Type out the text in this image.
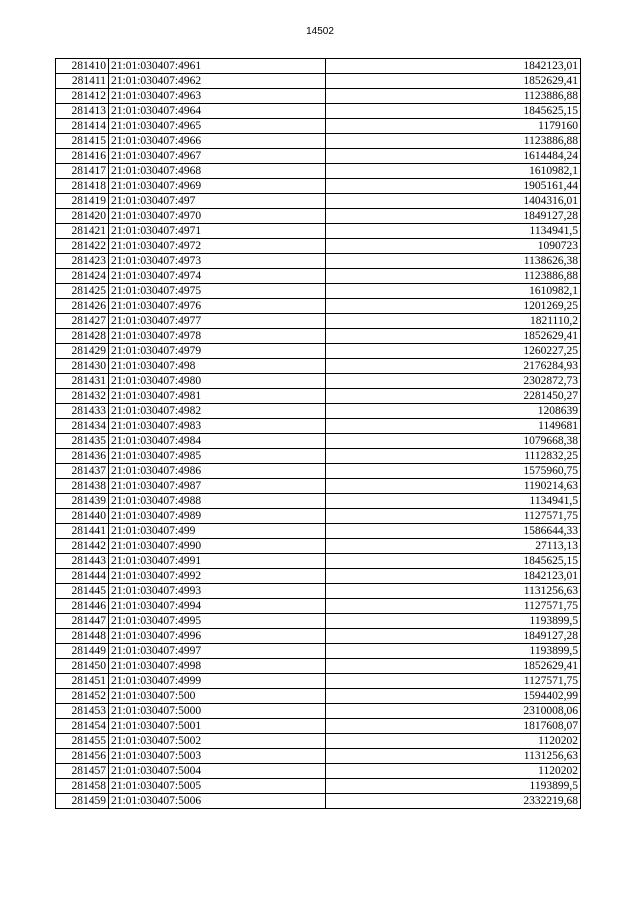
14502
281410	21:01:030407:4961	1842123,01
281411	21:01:030407:4962	1852629,41
281412	21:01:030407:4963	1123886,88
281413	21:01:030407:4964	1845625,15
281414	21:01:030407:4965	1179160
281415	21:01:030407:4966	1123886,88
281416	21:01:030407:4967	1614484,24
281417	21:01:030407:4968	1610982,1
281418	21:01:030407:4969	1905161,44
281419	21:01:030407:497	1404316,01
281420	21:01:030407:4970	1849127,28
281421	21:01:030407:4971	1134941,5
281422	21:01:030407:4972	1090723
281423	21:01:030407:4973	1138626,38
281424	21:01:030407:4974	1123886,88
281425	21:01:030407:4975	1610982,1
281426	21:01:030407:4976	1201269,25
281427	21:01:030407:4977	1821110,2
281428	21:01:030407:4978	1852629,41
281429	21:01:030407:4979	1260227,25
281430	21:01:030407:498	2176284,93
281431	21:01:030407:4980	2302872,73
281432	21:01:030407:4981	2281450,27
281433	21:01:030407:4982	1208639
281434	21:01:030407:4983	1149681
281435	21:01:030407:4984	1079668,38
281436	21:01:030407:4985	1112832,25
281437	21:01:030407:4986	1575960,75
281438	21:01:030407:4987	1190214,63
281439	21:01:030407:4988	1134941,5
281440	21:01:030407:4989	1127571,75
281441	21:01:030407:499	1586644,33
281442	21:01:030407:4990	27113,13
281443	21:01:030407:4991	1845625,15
281444	21:01:030407:4992	1842123,01
281445	21:01:030407:4993	1131256,63
281446	21:01:030407:4994	1127571,75
281447	21:01:030407:4995	1193899,5
281448	21:01:030407:4996	1849127,28
281449	21:01:030407:4997	1193899,5
281450	21:01:030407:4998	1852629,41
281451	21:01:030407:4999	1127571,75
281452	21:01:030407:500	1594402,99
281453	21:01:030407:5000	2310008,06
281454	21:01:030407:5001	1817608,07
281455	21:01:030407:5002	1120202
281456	21:01:030407:5003	1131256,63
281457	21:01:030407:5004	1120202
281458	21:01:030407:5005	1193899,5
281459	21:01:030407:5006	2332219,68
